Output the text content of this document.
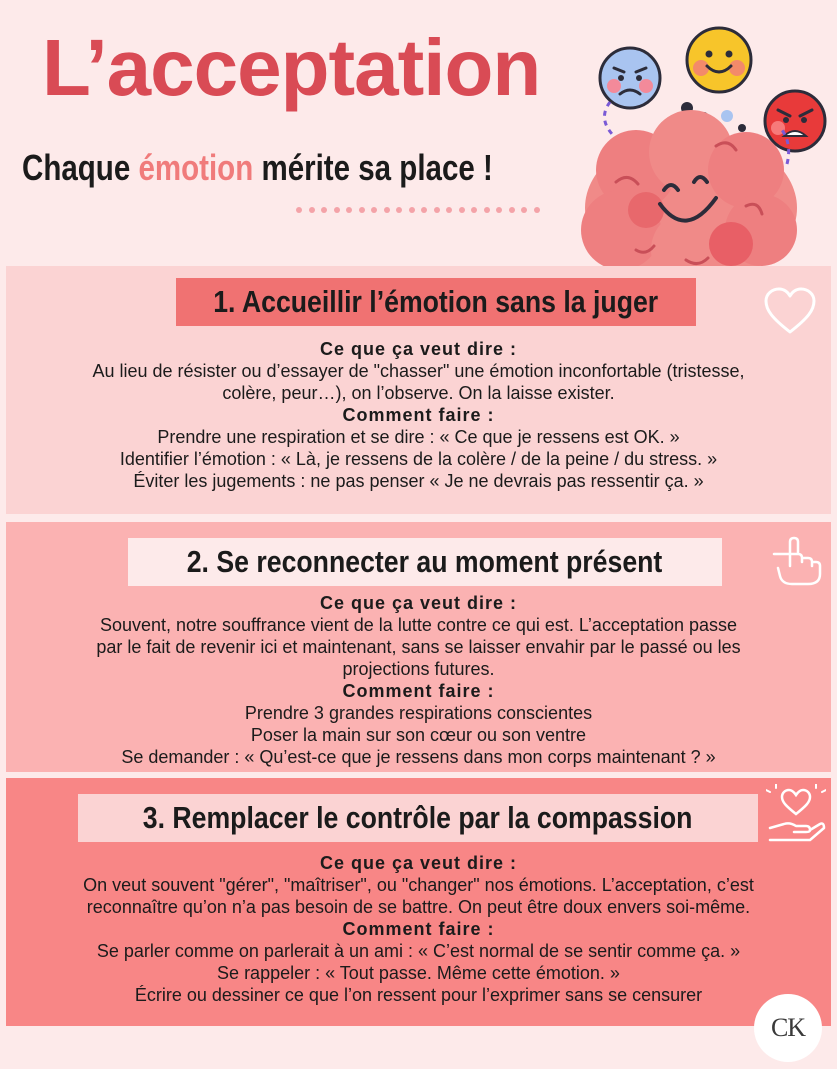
L’acceptation

Chaque émotion mérite sa place !

1. Accueillir l’émotion sans la juger
Ce que ça veut dire :
Au lieu de résister ou d’essayer de "chasser" une émotion inconfortable (tristesse,
colère, peur…), on l’observe. On la laisse exister.
Comment faire :
Prendre une respiration et se dire : « Ce que je ressens est OK. »
Identifier l’émotion : « Là, je ressens de la colère / de la peine / du stress. »
Éviter les jugements : ne pas penser « Je ne devrais pas ressentir ça. »
2. Se reconnecter au moment présent
Ce que ça veut dire :
Souvent, notre souffrance vient de la lutte contre ce qui est. L’acceptation passe
par le fait de revenir ici et maintenant, sans se laisser envahir par le passé ou les
projections futures.
Comment faire :
Prendre 3 grandes respirations conscientes
Poser la main sur son cœur ou son ventre
Se demander : « Qu’est-ce que je ressens dans mon corps maintenant ? »
3. Remplacer le contrôle par la compassion
Ce que ça veut dire :
On veut souvent "gérer", "maîtriser", ou "changer" nos émotions. L’acceptation, c’est
reconnaître qu’on n’a pas besoin de se battre. On peut être doux envers soi-même.
Comment faire :
Se parler comme on parlerait à un ami : « C’est normal de se sentir comme ça. »
Se rappeler : « Tout passe. Même cette émotion. »
Écrire ou dessiner ce que l’on ressent pour l’exprimer sans se censurer
CK
